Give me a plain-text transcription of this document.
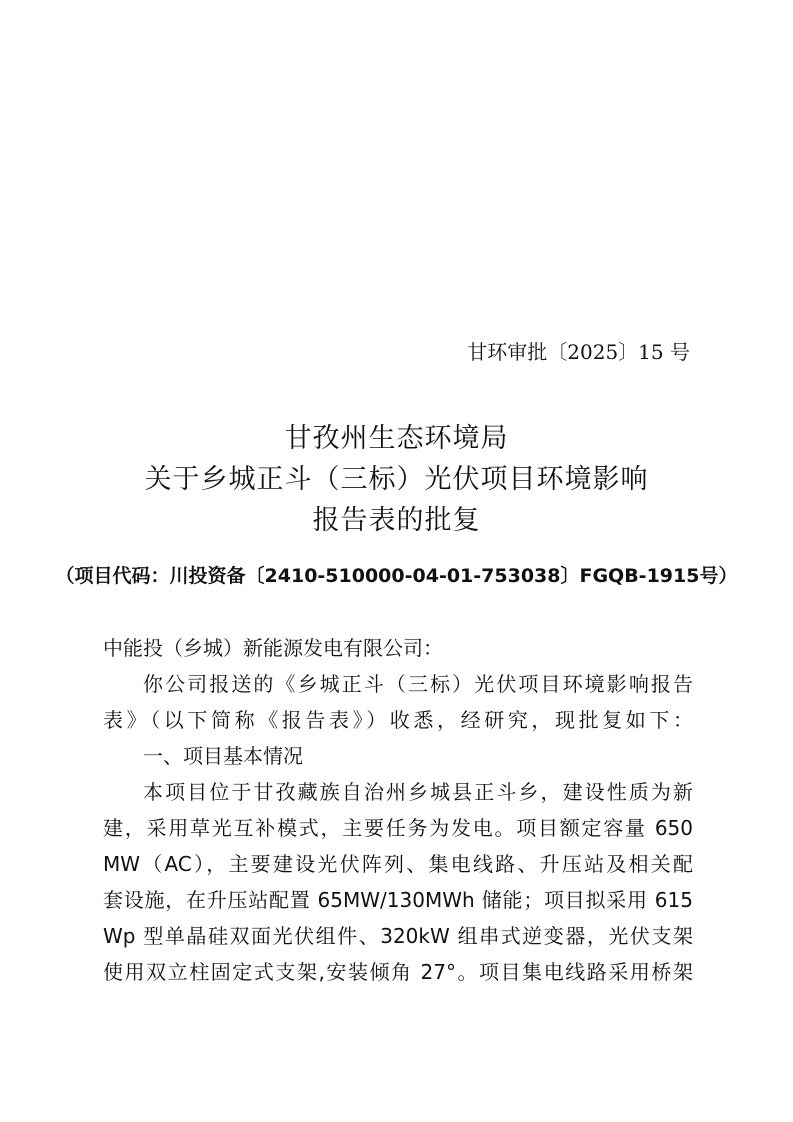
甘环审批〔2025〕15 号
甘孜州生态环境局
关于乡城正斗（三标）光伏项目环境影响
报告表的批复
（项目代码：川投资备〔2410-510000-04-01-753038〕FGQB-1915号）
中能投（乡城）新能源发电有限公司：
你公司报送的《乡城正斗（三标）光伏项目环境影响报告
表》（以下简称《报告表》）收悉，经研究，现批复如下：
一、项目基本情况
本项目位于甘孜藏族自治州乡城县正斗乡，建设性质为新
建，采用草光互补模式，主要任务为发电。项目额定容量 650
MW（AC），主要建设光伏阵列、集电线路、升压站及相关配
套设施，在升压站配置 65MW/130MWh 储能；项目拟采用 615
Wp 型单晶硅双面光伏组件、320kW 组串式逆变器，光伏支架
使用双立柱固定式支架,安装倾角 27°。项目集电线路采用桥架
